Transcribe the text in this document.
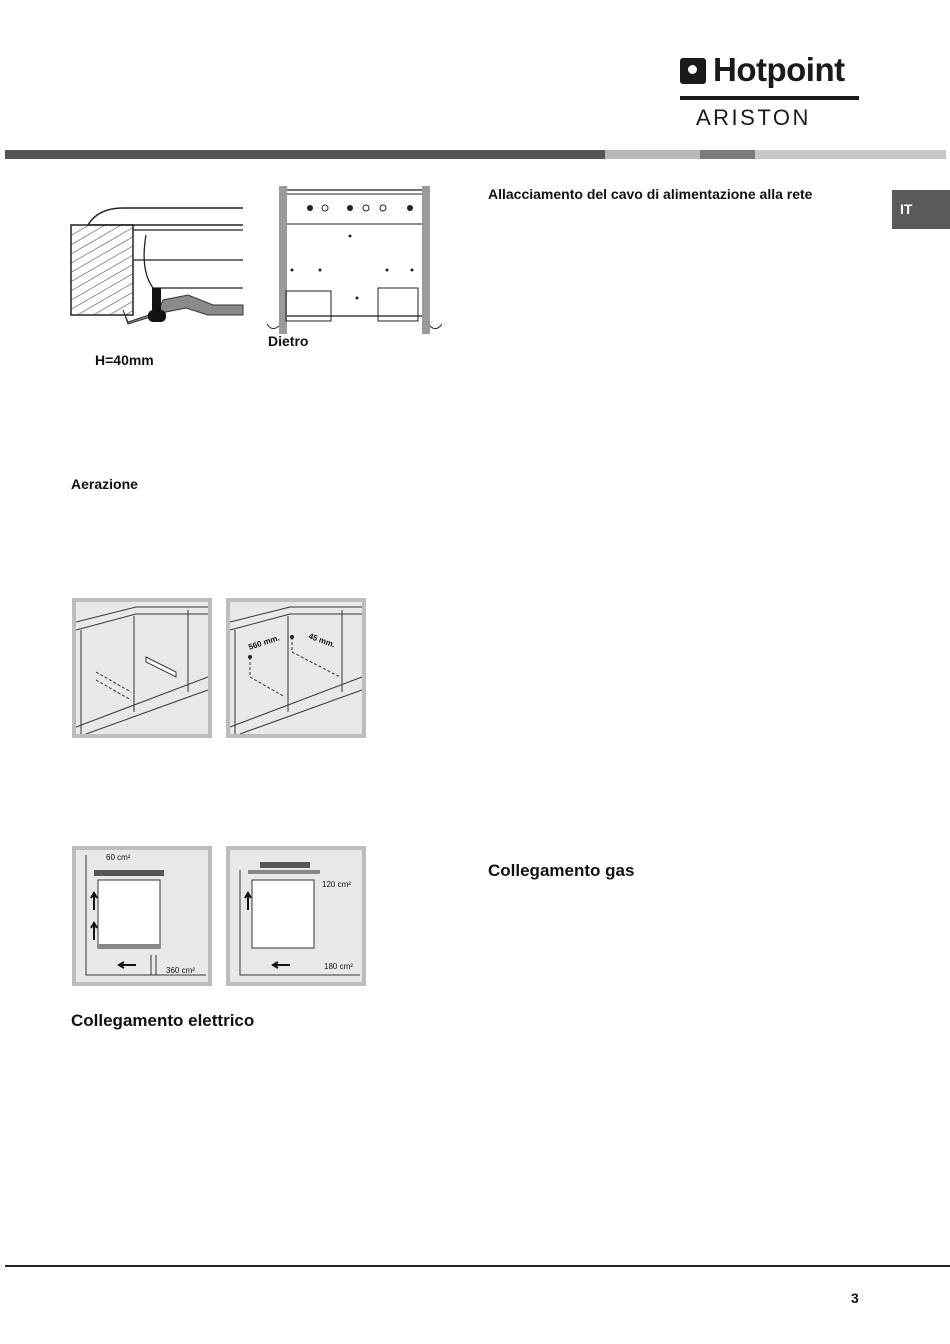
Hotpoint
ARISTON
IT
Dietro
H=40mm
Aerazione
560 mm.	45 mm.
60 cm²
360 cm²
120 cm²
180 cm²
Collegamento elettrico
Allacciamento del cavo di alimentazione alla rete
Collegamento gas
3
